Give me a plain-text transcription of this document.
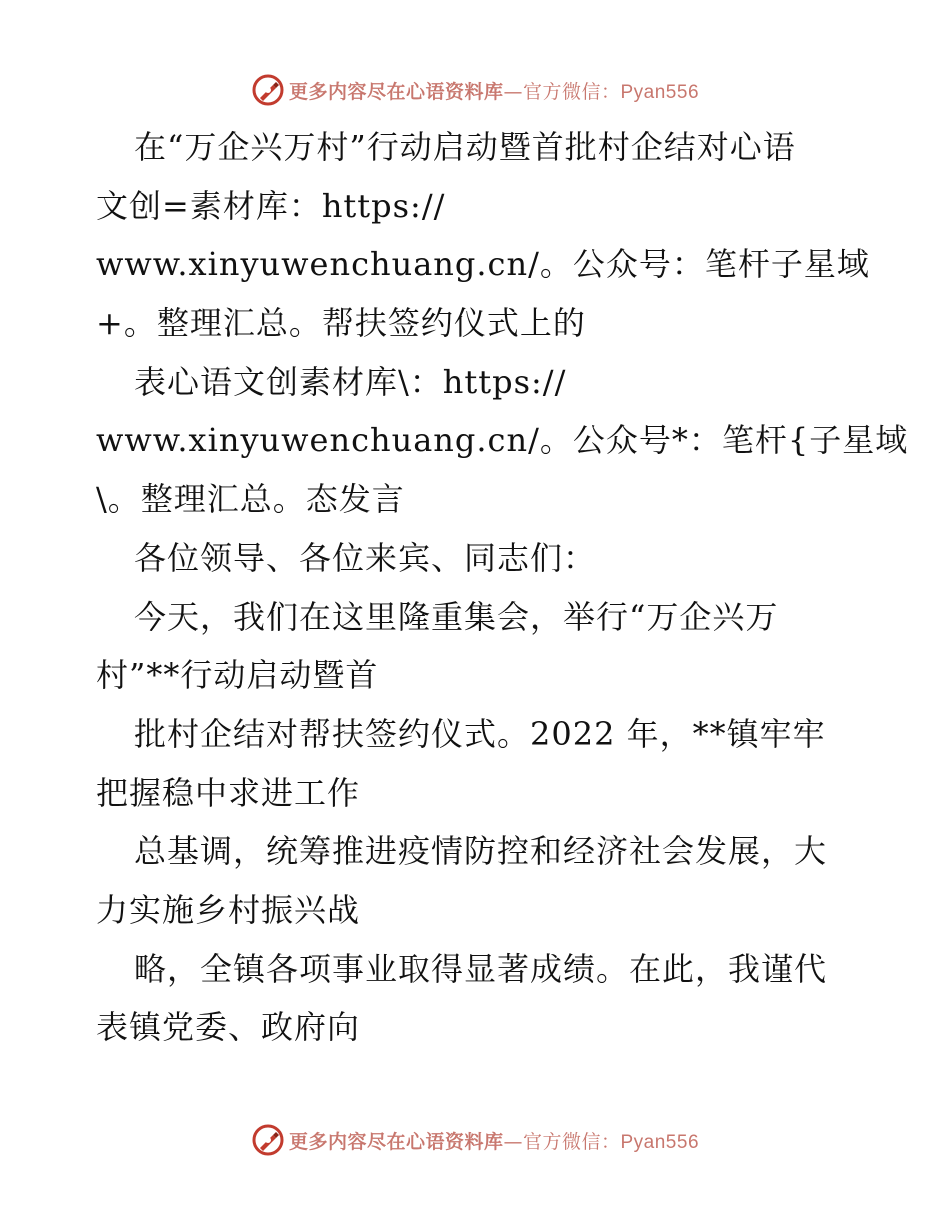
更多内容尽在心语资料库—官方微信：Pyan556
在“万企兴万村”行动启动暨首批村企结对心语
文创=素材库：https://
www.xinyuwenchuang.cn/。公众号：笔杆子星域
+。整理汇总。帮扶签约仪式上的
表心语文创素材库\：https://
www.xinyuwenchuang.cn/。公众号*：笔杆{子星域
\。整理汇总。态发言
各位领导、各位来宾、同志们：
今天，我们在这里隆重集会，举行“万企兴万
村”**行动启动暨首
批村企结对帮扶签约仪式。2022 年，**镇牢牢
把握稳中求进工作
总基调，统筹推进疫情防控和经济社会发展，大
力实施乡村振兴战
略，全镇各项事业取得显著成绩。在此，我谨代
表镇党委、政府向
更多内容尽在心语资料库—官方微信：Pyan556
